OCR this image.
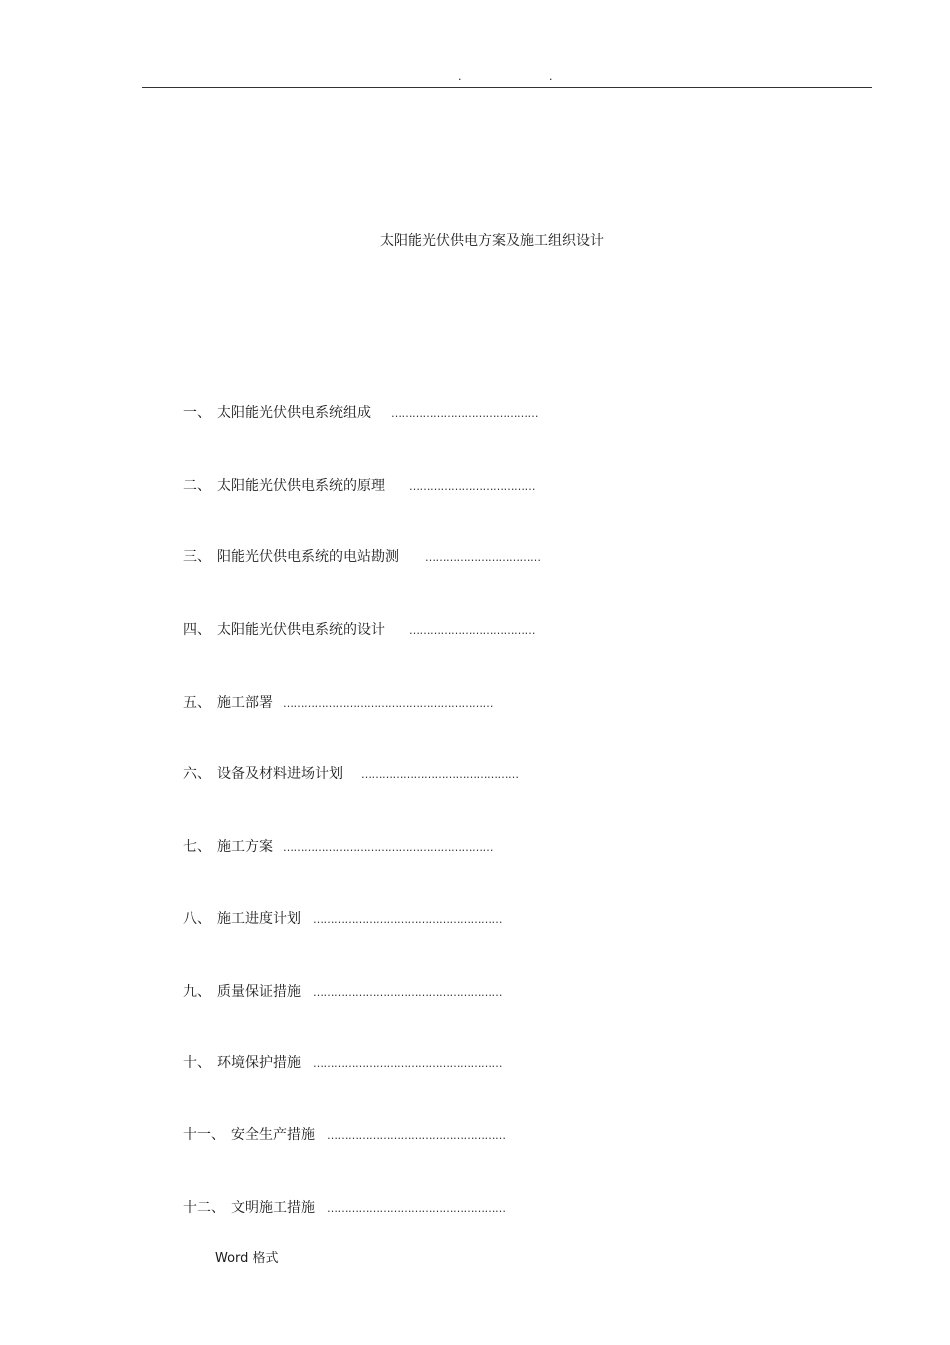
.	.
太阳能光伏供电方案及施工组织设计
一 、 太阳能光伏供电系统组成 ……………………………………
二 、 太阳能光伏供电系统的原理 ………………………………
三 、 阳能光伏供电系统的电站勘测 ……………………………
四 、 太阳能光伏供电系统的设计 ………………………………
五 、 施工部署 ……………………………………………………
六 、 设备及材料进场计划 ………………………………………
七 、 施工方案 ……………………………………………………
八 、 施工进度计划 ………………………………………………
九 、 质量保证措施 ………………………………………………
十 、 环境保护措施 ………………………………………………
十一 、 安全生产措施 ……………………………………………
十二 、 文明施工措施 ……………………………………………
Word 格式
